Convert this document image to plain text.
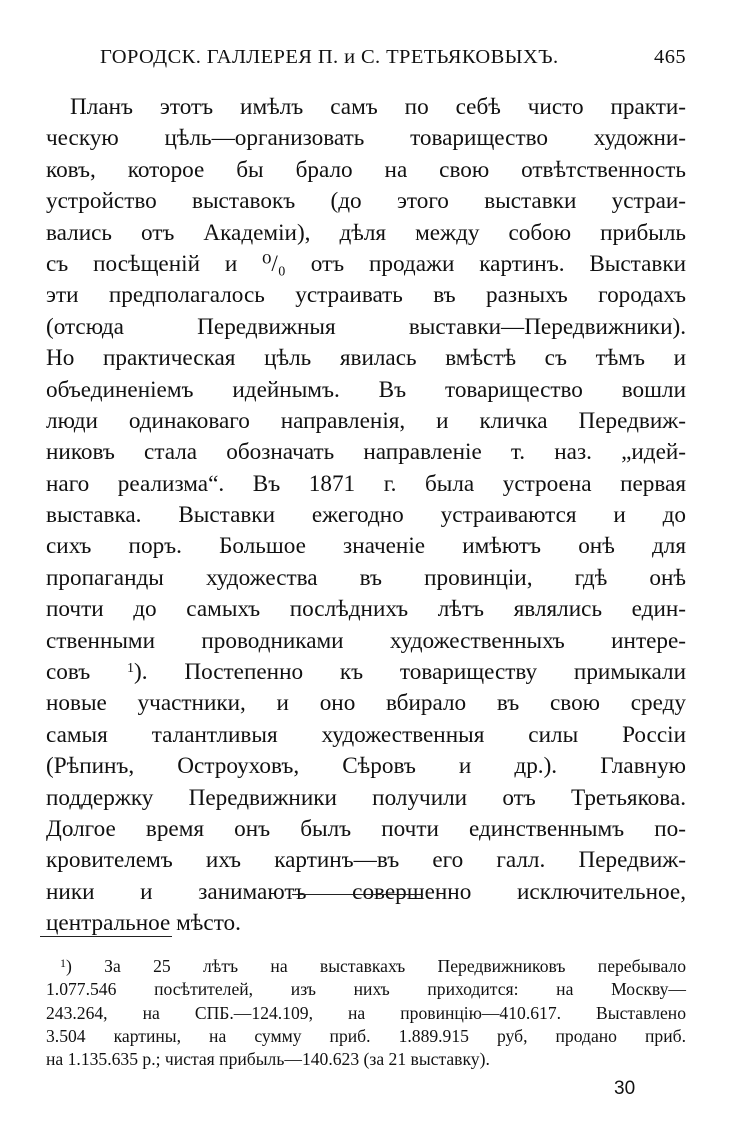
ГОРОДСК. ГАЛЛЕРЕЯ П. и С. ТРЕТЬЯКОВЫХЪ.	465
Планъ этотъ имѣлъ самъ по себѣ чисто практи-
ческую цѣль—организовать товарищество художни-
ковъ, которое бы брало на свою отвѣтственность
устройство выставокъ (до этого выставки устраи-
вались отъ Академіи), дѣля между собою прибыль
съ посѣщеній и ⁰/₀ отъ продажи картинъ. Выставки
эти предполагалось устраивать въ разныхъ городахъ
(отсюда Передвижныя выставки—Передвижники).
Но практическая цѣль явилась вмѣстѣ съ тѣмъ и
объединеніемъ идейнымъ. Въ товарищество вошли
люди одинаковаго направленія, и кличка Передвиж-
никовъ стала обозначать направленіе т. наз. „идей-
наго реализма“. Въ 1871 г. была устроена первая
выставка. Выставки ежегодно устраиваются и до
сихъ поръ. Большое значеніе имѣютъ онѣ для
пропаганды художества въ провинціи, гдѣ онѣ
почти до самыхъ послѣднихъ лѣтъ являлись един-
ственными проводниками художественныхъ интере-
совъ	$^1$). Постепенно къ товариществу примыкали
новые участники, и оно вбирало въ свою среду
самыя талантливыя художественныя силы Россіи
(Рѣпинъ, Остроуховъ, Сѣровъ и др.). Главную
поддержку Передвижники получили отъ Третьякова.
Долгое время онъ былъ почти единственнымъ по-
кровителемъ ихъ картинъ—въ его галл. Передвиж-
ники и занимаютъ совершенно исключительное,
центральное мѣсто.
$^1$) За 25 лѣтъ на выставкахъ Передвижниковъ перебывало
1.077.546 посѣтителей, изъ нихъ приходится: на Москву—
243.264, на СПБ.—124.109, на провинцію—410.617. Выставлено
3.504 картины, на сумму приб. 1.889.915 руб, продано приб.
на 1.135.635 р.; чистая прибыль—140.623 (за 21 выставку).
30
